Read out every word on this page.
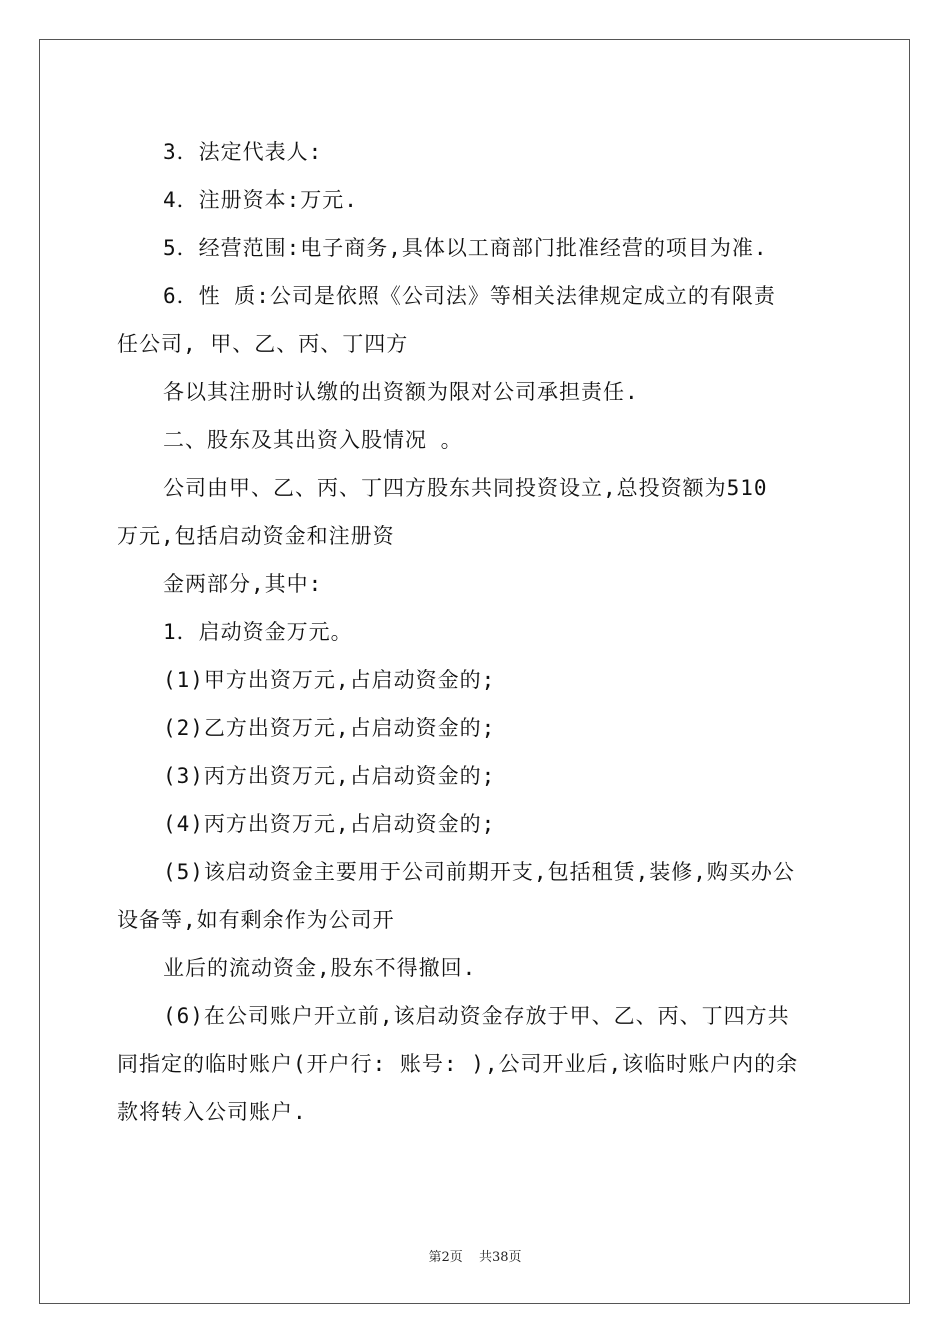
3．法定代表人:
4．注册资本:万元.
5．经营范围:电子商务,具体以工商部门批准经营的项目为准.
6．性 质:公司是依照《公司法》等相关法律规定成立的有限责
任公司, 甲、乙、丙、丁四方
各以其注册时认缴的出资额为限对公司承担责任.
二、股东及其出资入股情况 。
公司由甲、乙、丙、丁四方股东共同投资设立,总投资额为510
万元,包括启动资金和注册资
金两部分,其中:
1．启动资金万元。
(1)甲方出资万元,占启动资金的;
(2)乙方出资万元,占启动资金的;
(3)丙方出资万元,占启动资金的;
(4)丙方出资万元,占启动资金的;
(5)该启动资金主要用于公司前期开支,包括租赁,装修,购买办公
设备等,如有剩余作为公司开
业后的流动资金,股东不得撤回.
(6)在公司账户开立前,该启动资金存放于甲、乙、丙、丁四方共
同指定的临时账户(开户行: 账号: ),公司开业后,该临时账户内的余
款将转入公司账户.
第2页 共38页
